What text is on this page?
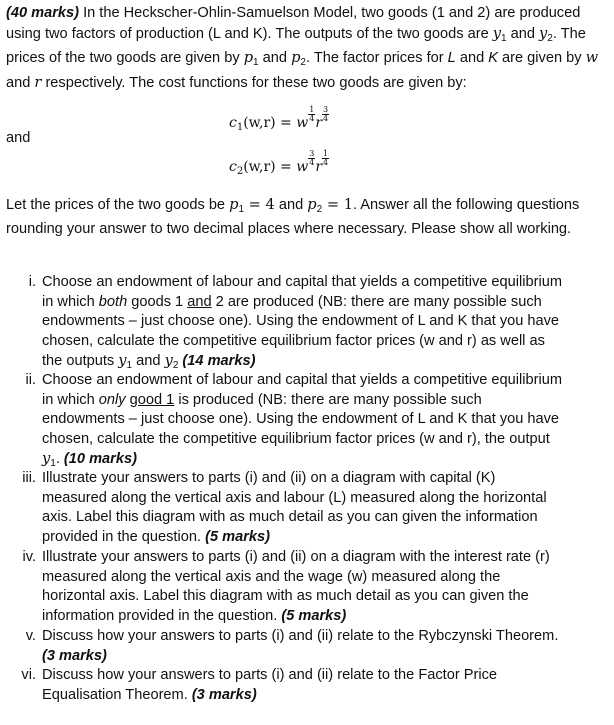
(40 marks) In the Heckscher-Ohlin-Samuelson Model, two goods (1 and 2) are produced using two factors of production (L and K). The outputs of the two goods are $y_1$ and $y_2$. The prices of the two goods are given by $p_1$ and $p_2$. The factor prices for L and K are given by w and r respectively. The cost functions for these two goods are given by:

$c_1(w,r) = w \frac{1}{4}$ r $\frac{3}{4}$
and
$c_2(w,r) = w \frac{3}{4}$ r $\frac{1}{4}$

Let the prices of the two goods be $p_1 = 4$ and $p_2 = 1$. Answer all the following questions rounding your answer to two decimal places where necessary. Please show all working.

i. Choose an endowment of labour and capital that yields a competitive equilibrium in which both goods 1 and 2 are produced (NB: there are many possible such endowments – just choose one). Using the endowment of L and K that you have chosen, calculate the competitive equilibrium factor prices (w and r) as well as the outputs $y_1$ and $y_2$ (14 marks)

ii. Choose an endowment of labour and capital that yields a competitive equilibrium in which only good 1 is produced (NB: there are many possible such endowments – just choose one). Using the endowment of L and K that you have chosen, calculate the competitive equilibrium factor prices (w and r), the output $y_1$. (10 marks)

iii. Illustrate your answers to parts (i) and (ii) on a diagram with capital (K) measured along the vertical axis and labour (L) measured along the horizontal axis. Label this diagram with as much detail as you can given the information provided in the question. (5 marks)

iv. Illustrate your answers to parts (i) and (ii) on a diagram with the interest rate (r) measured along the vertical axis and the wage (w) measured along the horizontal axis. Label this diagram with as much detail as you can given the information provided in the question. (5 marks)

v. Discuss how your answers to parts (i) and (ii) relate to the Rybczynski Theorem. (3 marks)

vi. Discuss how your answers to parts (i) and (ii) relate to the Factor Price Equalisation Theorem. (3 marks)
